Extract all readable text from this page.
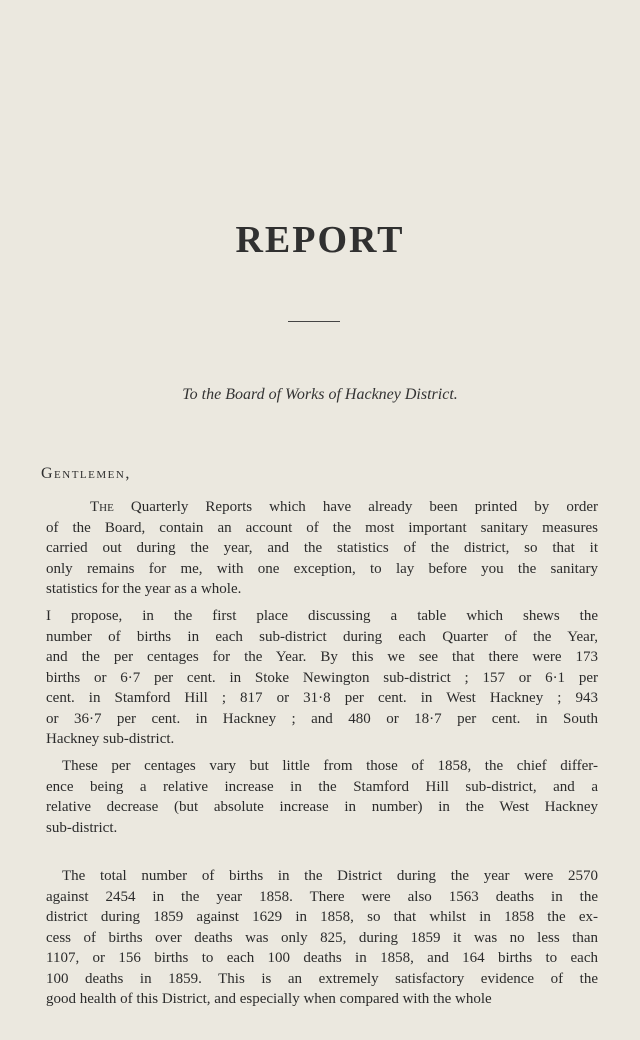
REPORT
To the Board of Works of Hackney District.
Gentlemen,
The Quarterly Reports which have already been printed by order
of the Board, contain an account of the most important sanitary measures
carried out during the year, and the statistics of the district, so that it
only remains for me, with one exception, to lay before you the sanitary
statistics for the year as a whole.
I propose, in the first place discussing a table which shews the
number of births in each sub-district during each Quarter of the Year,
and the per centages for the Year. By this we see that there were 173
births or 6·7 per cent. in Stoke Newington sub-district ; 157 or 6·1 per
cent. in Stamford Hill ; 817 or 31·8 per cent. in West Hackney ; 943
or 36·7 per cent. in Hackney ; and 480 or 18·7 per cent. in South
Hackney sub-district.
These per centages vary but little from those of 1858, the chief differ-
ence being a relative increase in the Stamford Hill sub-district, and a
relative decrease (but absolute increase in number) in the West Hackney
sub-district.
The total number of births in the District during the year were 2570
against 2454 in the year 1858. There were also 1563 deaths in the
district during 1859 against 1629 in 1858, so that whilst in 1858 the ex-
cess of births over deaths was only 825, during 1859 it was no less than
1107, or 156 births to each 100 deaths in 1858, and 164 births to each
100 deaths in 1859. This is an extremely satisfactory evidence of the
good health of this District, and especially when compared with the whole
